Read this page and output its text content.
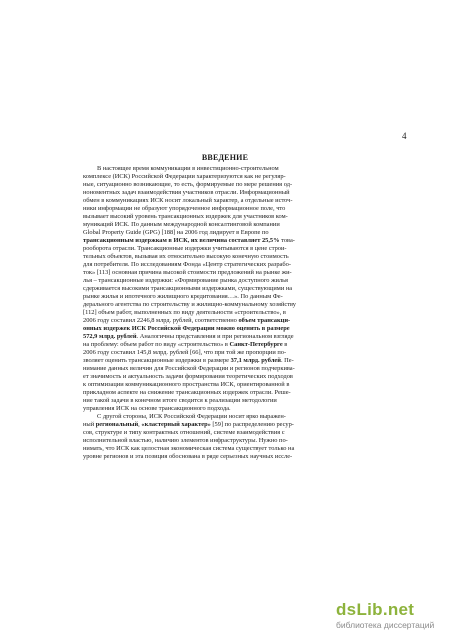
4
ВВЕДЕНИЕ
В настоящее время коммуникации в инвестиционно-строительном
комплексе (ИСК) Российской Федерации характеризуются как не регуляр-
ные, ситуационно возникающие, то есть, формируемые по мере решения од-
нономентных задач взаимодействия участников отрасли. Информационный
обмен в коммуникациях ИСК носит локальный характер, а отдельные источ-
ники информации не образуют упорядоченное информационное поле, что
вызывает высокий уровень трансакционных издержек для участников ком-
муникаций ИСК. По данным международной консалтинговой компании
Global Property Guide (GPG) [188] на 2006 год лидирует в Европе по
трансакционным издержкам в ИСК, их величина составляет 25,5% това-
рооборота отрасли. Трансакционные издержки учитываются в цене строи-
тельных объектов, вызывая их относительно высокую конечную стоимость
для потребителя. По исследованиям Фонда «Центр стратегических разрабо-
ток» [113] основная причина высокой стоимости предложений на рынке жи-
лья – трансакционные издержки: «Формирование рынка доступного жилья
сдерживается высокими трансакционными издержками, существующими на
рынке жилья и ипотечного жилищного кредитования…». По данным Фе-
дерального агентства по строительству и жилищно-коммунальному хозяйству
[112] объем работ, выполненных по виду деятельности «строительство», в
2006 году составил 2246,8 млрд. рублей, соответственно объем трансакци-
онных издержек ИСК Российской Федерации можно оценить в размере
572,9 млрд. рублей. Аналогичны представления и при региональном взгляде
на проблему: объем работ по виду «строительство» в Санкт-Петербурге в
2006 году составил 145,8 млрд. рублей [66], что при той же пропорции по-
зволяет оценить трансакционные издержки в размере 37,1 млрд. рублей. Пе-
нимание данных величин для Российской Федерации и регионов подчеркива-
ет значимость и актуальность задачи формирования теоретических подходов
к оптимизации коммуникационного пространства ИСК, ориентированной в
прикладном аспекте на снижение трансакционных издержек отрасли. Реше-
ние такой задачи в конечном итоге сводится к реализации методологии
управления ИСК на основе трансакционного подхода.
С другой стороны, ИСК Российской Федерации носит ярко выражен-
ный региональный, «кластерный характер» [59] по распределению ресур-
сов, структуре и типу контрактных отношений, системе взаимодействия с
исполнительной властью, наличию элементов инфраструктуры. Нужно по-
нимать, что ИСК как целостная экономическая система существует только на
уровне регионов и эта позиция обоснована в ряде серьезных научных иссле-
dsLib.net
библиотека диссертаций
